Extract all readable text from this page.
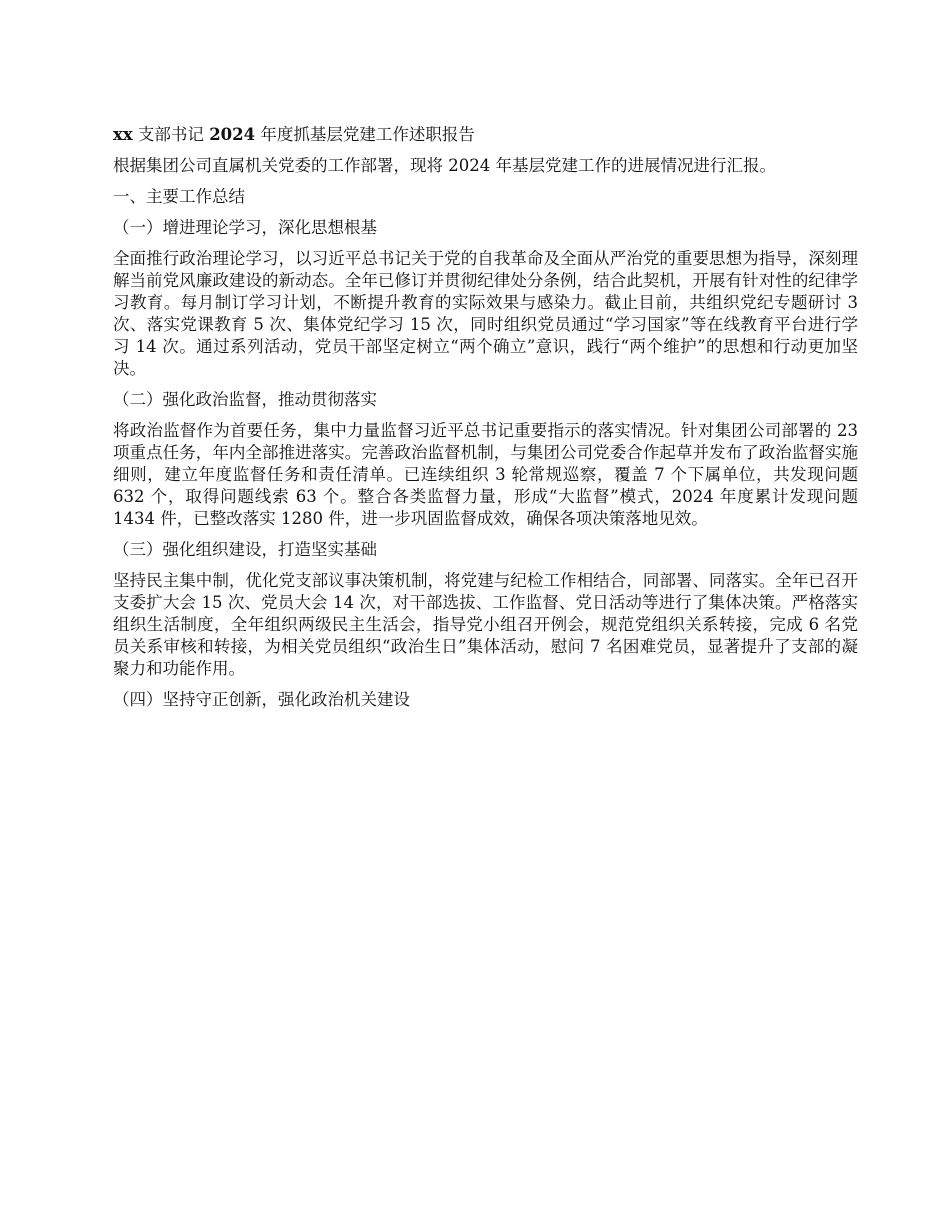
xx 支部书记 2024 年度抓基层党建工作述职报告
根据集团公司直属机关党委的工作部署，现将 2024 年基层党建工作的进展情况进行汇报。
一、主要工作总结
（一）增进理论学习，深化思想根基
全面推行政治理论学习，以习近平总书记关于党的自我革命及全面从严治党的重要思想为指导，深刻理解当前党风廉政建设的新动态。全年已修订并贯彻纪律处分条例，结合此契机，开展有针对性的纪律学习教育。每月制订学习计划，不断提升教育的实际效果与感染力。截止目前，共组织党纪专题研讨 3 次、落实党课教育 5 次、集体党纪学习 15 次，同时组织党员通过“学习国家”等在线教育平台进行学习 14 次。通过系列活动，党员干部坚定树立“两个确立”意识，践行“两个维护”的思想和行动更加坚决。
（二）强化政治监督，推动贯彻落实
将政治监督作为首要任务，集中力量监督习近平总书记重要指示的落实情况。针对集团公司部署的 23 项重点任务，年内全部推进落实。完善政治监督机制，与集团公司党委合作起草并发布了政治监督实施细则，建立年度监督任务和责任清单。已连续组织 3 轮常规巡察，覆盖 7 个下属单位，共发现问题 632 个，取得问题线索 63 个。整合各类监督力量，形成“大监督”模式，2024 年度累计发现问题 1434 件，已整改落实 1280 件，进一步巩固监督成效，确保各项决策落地见效。
（三）强化组织建设，打造坚实基础
坚持民主集中制，优化党支部议事决策机制，将党建与纪检工作相结合，同部署、同落实。全年已召开支委扩大会 15 次、党员大会 14 次，对干部选拔、工作监督、党日活动等进行了集体决策。严格落实组织生活制度，全年组织两级民主生活会，指导党小组召开例会，规范党组织关系转接，完成 6 名党员关系审核和转接，为相关党员组织“政治生日”集体活动，慰问 7 名困难党员，显著提升了支部的凝聚力和功能作用。
（四）坚持守正创新，强化政治机关建设
